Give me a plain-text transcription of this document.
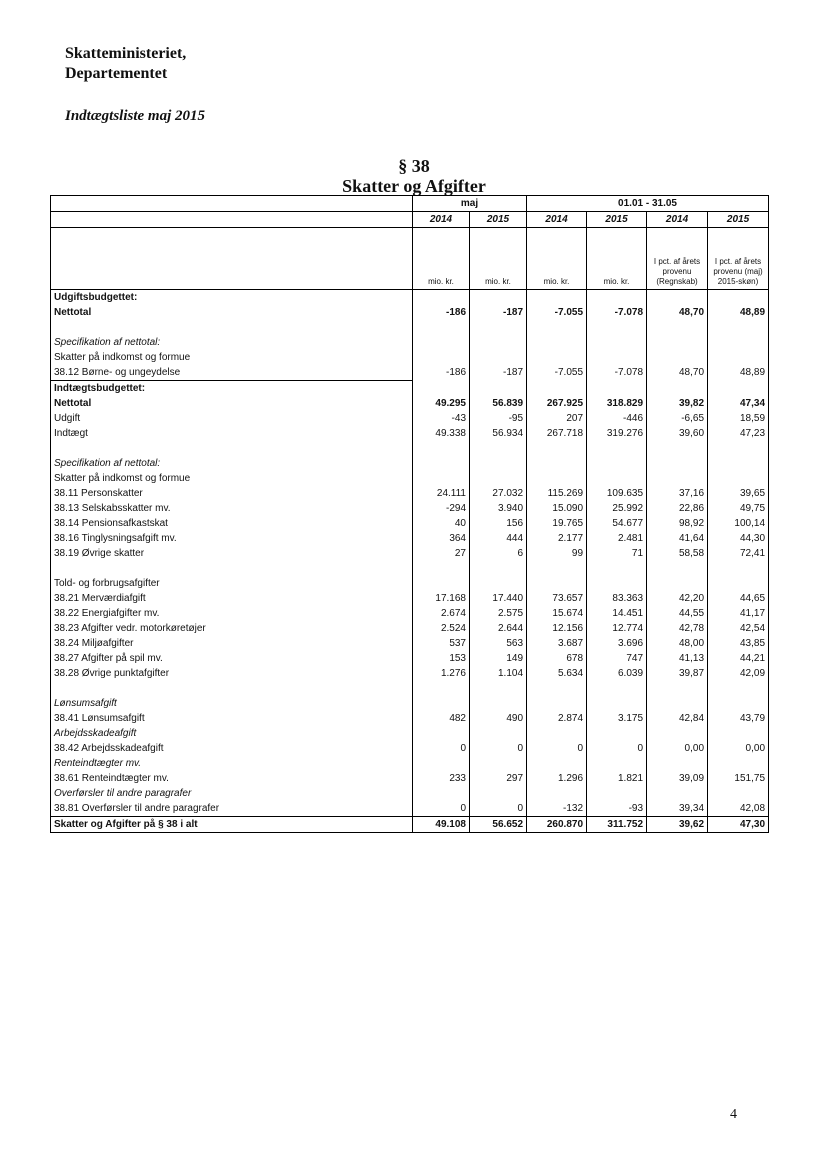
Skatteministeriet,
Departementet
Indtægtsliste maj 2015
§ 38
Skatter og Afgifter
	maj		01.01 - 31.05			
	2014	2015	2014	2015	2014	2015
	mio. kr.	mio. kr.	mio. kr.	mio. kr.	I pct. af årets provenu (Regnskab)	I pct. af årets provenu (maj) 2015-skøn)
Udgiftsbudgettet:						
Nettotal	-186	-187	-7.055	-7.078	48,70	48,89

Specifikation af nettotal:						
Skatter på indkomst og formue						
38.12 Børne- og ungeydelse	-186	-187	-7.055	-7.078	48,70	48,89
Indtægtsbudgettet:						
Nettotal	49.295	56.839	267.925	318.829	39,82	47,34
Udgift	-43	-95	207	-446	-6,65	18,59
Indtægt	49.338	56.934	267.718	319.276	39,60	47,23

Specifikation af nettotal:						
Skatter på indkomst og formue						
38.11 Personskatter	24.111	27.032	115.269	109.635	37,16	39,65
38.13 Selskabsskatter mv.	-294	3.940	15.090	25.992	22,86	49,75
38.14 Pensionsafkastskat	40	156	19.765	54.677	98,92	100,14
38.16 Tinglysningsafgift mv.	364	444	2.177	2.481	41,64	44,30
38.19 Øvrige skatter	27	6	99	71	58,58	72,41

Told- og forbrugsafgifter						
38.21 Merværdiafgift	17.168	17.440	73.657	83.363	42,20	44,65
38.22 Energiafgifter mv.	2.674	2.575	15.674	14.451	44,55	41,17
38.23 Afgifter vedr. motorkøretøjer	2.524	2.644	12.156	12.774	42,78	42,54
38.24 Miljøafgifter	537	563	3.687	3.696	48,00	43,85
38.27 Afgifter på spil mv.	153	149	678	747	41,13	44,21
38.28 Øvrige punktafgifter	1.276	1.104	5.634	6.039	39,87	42,09

Lønsumsafgift						
38.41 Lønsumsafgift	482	490	2.874	3.175	42,84	43,79
Arbejdsskadeafgift						
38.42 Arbejdsskadeafgift	0	0	0	0	0,00	0,00
Renteindtægter mv.						
38.61 Renteindtægter mv.	233	297	1.296	1.821	39,09	151,75
Overførsler til andre paragrafer						
38.81 Overførsler til andre paragrafer	0	0	-132	-93	39,34	42,08
Skatter og Afgifter på § 38 i alt	49.108	56.652	260.870	311.752	39,62	47,30
4
